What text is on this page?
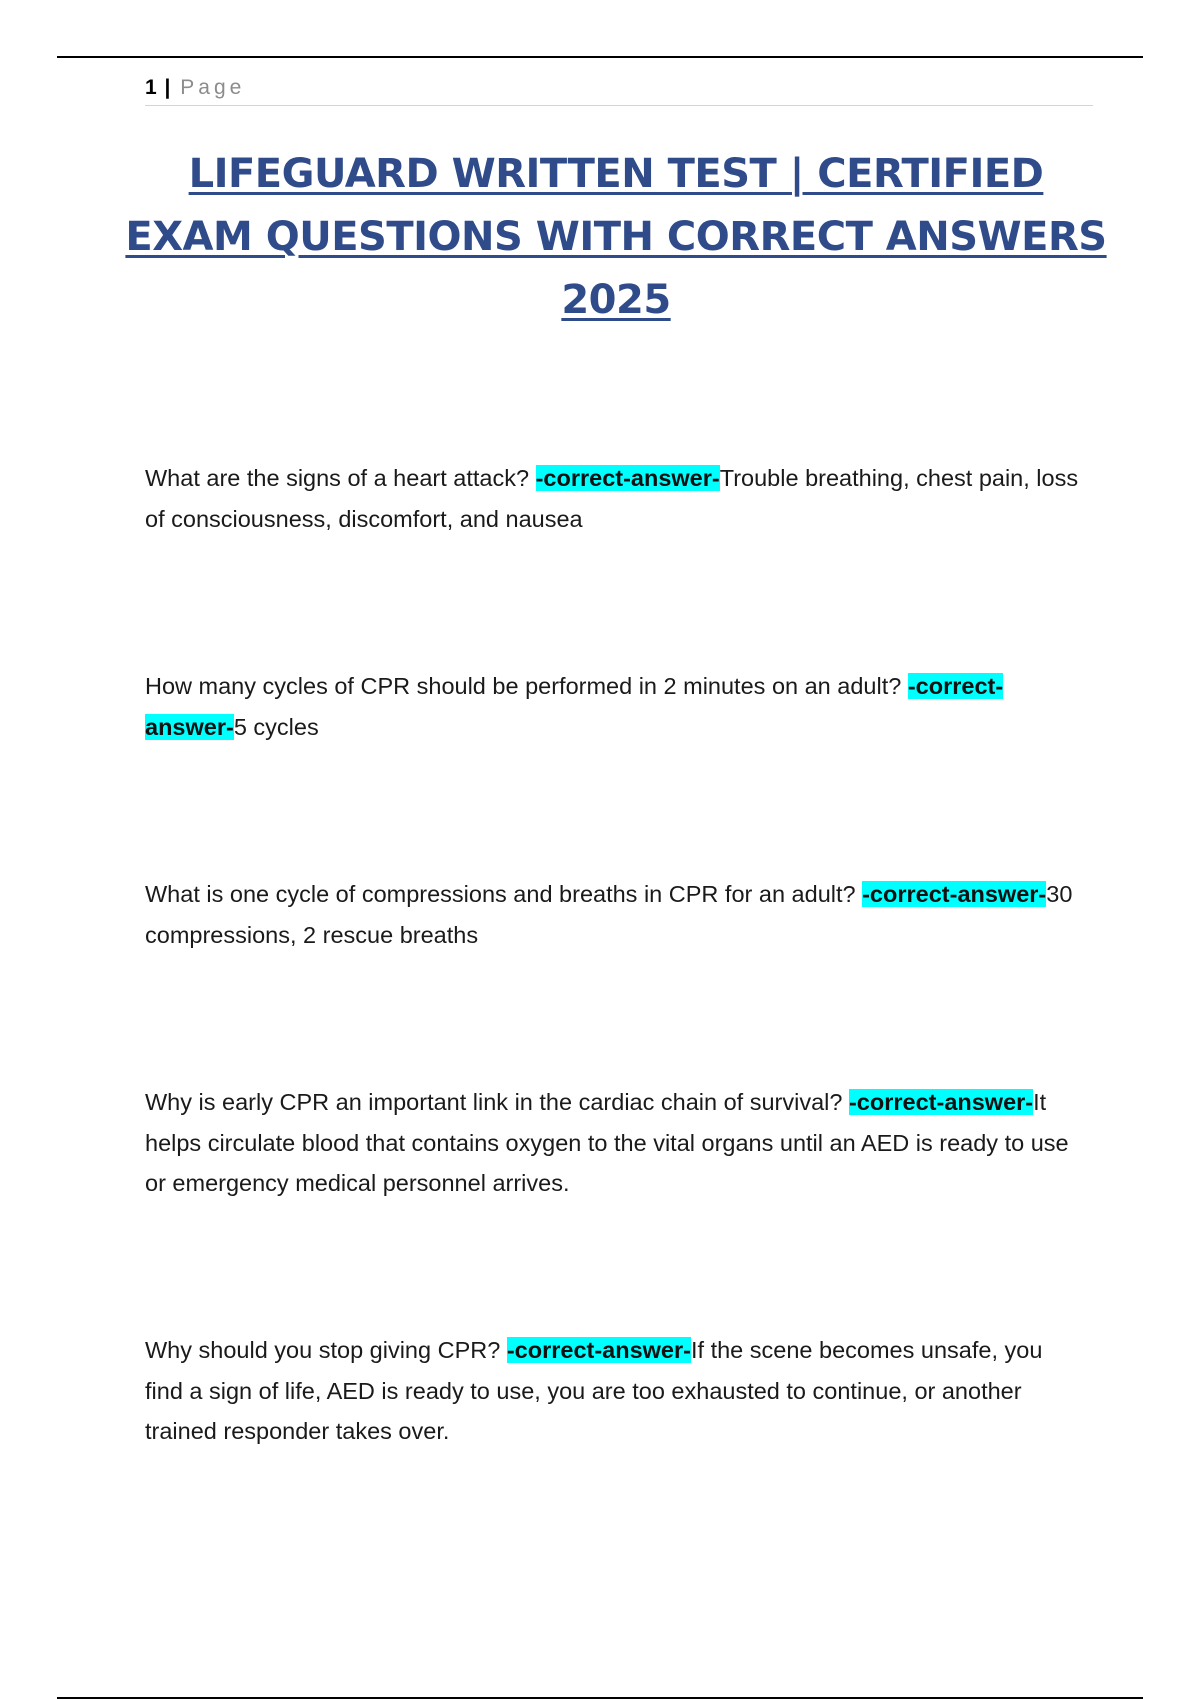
1 | Page
LIFEGUARD WRITTEN TEST | CERTIFIED
EXAM QUESTIONS WITH CORRECT ANSWERS
2025

What are the signs of a heart attack? -correct-answer-Trouble breathing, chest pain, loss of consciousness, discomfort, and nausea

How many cycles of CPR should be performed in 2 minutes on an adult? -correct-answer-5 cycles

What is one cycle of compressions and breaths in CPR for an adult? -correct-answer-30 compressions, 2 rescue breaths

Why is early CPR an important link in the cardiac chain of survival? -correct-answer-It helps circulate blood that contains oxygen to the vital organs until an AED is ready to use or emergency medical personnel arrives.

Why should you stop giving CPR? -correct-answer-If the scene becomes unsafe, you find a sign of life, AED is ready to use, you are too exhausted to continue, or another trained responder takes over.
